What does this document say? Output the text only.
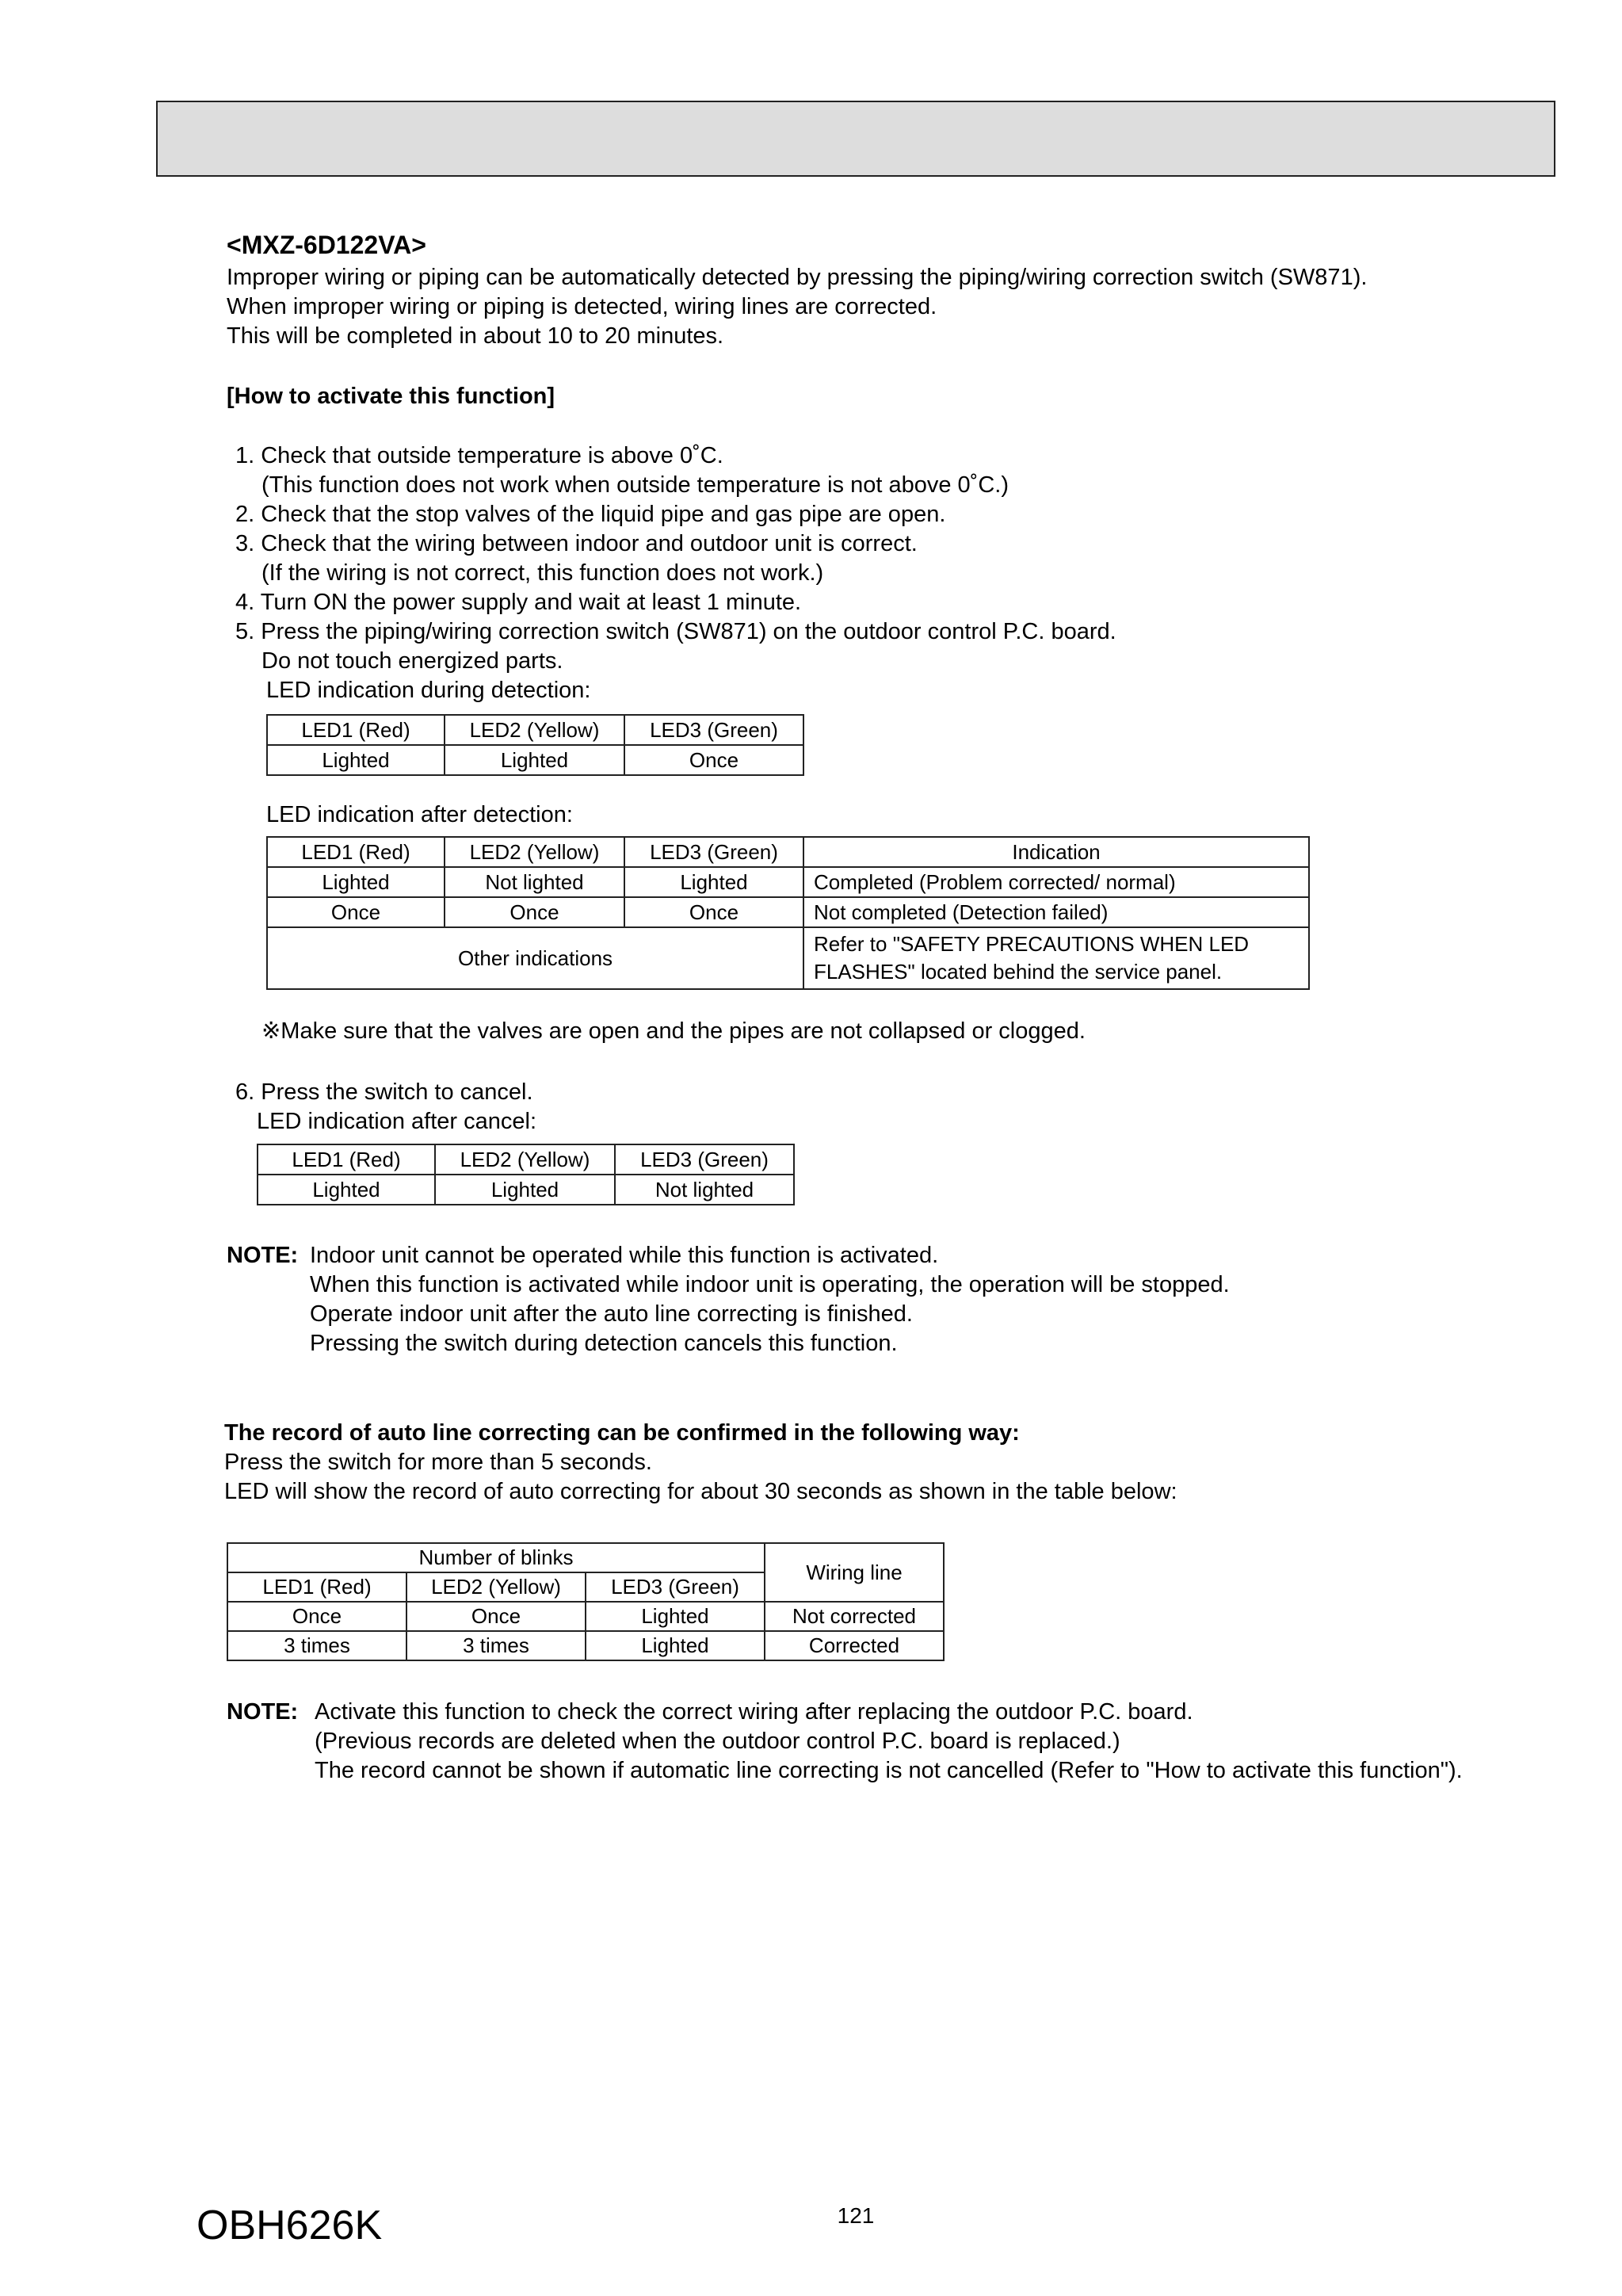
<MXZ-6D122VA>
Improper wiring or piping can be automatically detected by pressing the piping/wiring correction switch (SW871).
When improper wiring or piping is detected, wiring lines are corrected.
This will be completed in about 10 to 20 minutes.
[How to activate this function]
1. Check that outside temperature is above 0˚C.
(This function does not work when outside temperature is not above 0˚C.)
2. Check that the stop valves of the liquid pipe and gas pipe are open.
3. Check that the wiring between indoor and outdoor unit is correct.
(If the wiring is not correct, this function does not work.)
4. Turn ON the power supply and wait at least 1 minute.
5. Press the piping/wiring correction switch (SW871) on the outdoor control P.C. board.
Do not touch energized parts.
LED indication during detection:
LED1 (Red)	LED2 (Yellow)	LED3 (Green)
Lighted	Lighted	Once
LED indication after detection:
LED1 (Red)	LED2 (Yellow)	LED3 (Green)	Indication
Lighted	Not lighted	Lighted	Completed (Problem corrected/ normal)
Once	Once	Once	Not completed (Detection failed)
Other indications			Refer to "SAFETY PRECAUTIONS WHEN LED
FLASHES" located behind the service panel.
※Make sure that the valves are open and the pipes are not collapsed or clogged.
6. Press the switch to cancel.
LED indication after cancel:
LED1 (Red)	LED2 (Yellow)	LED3 (Green)
Lighted	Lighted	Not lighted
NOTE: Indoor unit cannot be operated while this function is activated.
When this function is activated while indoor unit is operating, the operation will be stopped.
Operate indoor unit after the auto line correcting is finished.
Pressing the switch during detection cancels this function.
The record of auto line correcting can be confirmed in the following way:
Press the switch for more than 5 seconds.
LED will show the record of auto correcting for about 30 seconds as shown in the table below:
Number of blinks			Wiring line
LED1 (Red)	LED2 (Yellow)	LED3 (Green)	
Once	Once	Lighted	Not corrected
3 times	3 times	Lighted	Corrected
NOTE: Activate this function to check the correct wiring after replacing the outdoor P.C. board.
(Previous records are deleted when the outdoor control P.C. board is replaced.)
The record cannot be shown if automatic line correcting is not cancelled (Refer to "How to activate this function").
OBH626K	121
